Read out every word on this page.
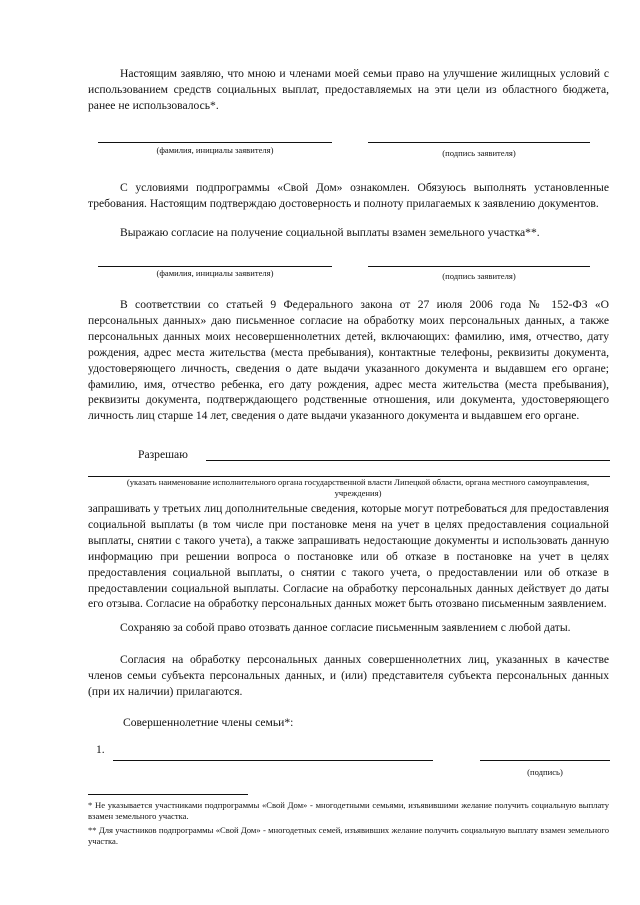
Настоящим заявляю, что мною и членами моей семьи право на улучшение жилищных условий с использованием средств социальных выплат, предоставляемых на эти цели из областного бюджета, ранее не использовалось*.
(фамилия, инициалы заявителя)	(подпись заявителя)
С условиями подпрограммы «Свой Дом» ознакомлен. Обязуюсь выполнять установленные требования. Настоящим подтверждаю достоверность и полноту прилагаемых к заявлению документов.
Выражаю согласие на получение социальной выплаты взамен земельного участка**.
(фамилия, инициалы заявителя)	(подпись заявителя)
В соответствии со статьей 9 Федерального закона от 27 июля 2006 года № 152-ФЗ «О персональных данных» даю письменное согласие на обработку моих персональных данных, а также персональных данных моих несовершеннолетних детей, включающих: фамилию, имя, отчество, дату рождения, адрес места жительства (места пребывания), контактные телефоны, реквизиты документа, удостоверяющего личность, сведения о дате выдачи указанного документа и выдавшем его органе; фамилию, имя, отчество ребенка, его дату рождения, адрес места жительства (места пребывания), реквизиты документа, подтверждающего родственные отношения, или документа, удостоверяющего личность лиц старше 14 лет, сведения о дате выдачи указанного документа и выдавшем его органе.
Разрешаю
(указать наименование исполнительного органа государственной власти Липецкой области, органа местного самоуправления, учреждения)
запрашивать у третьих лиц дополнительные сведения, которые могут потребоваться для предоставления социальной выплаты (в том числе при постановке меня на учет в целях предоставления социальной выплаты, снятии с такого учета), а также запрашивать недостающие документы и использовать данную информацию при решении вопроса о постановке или об отказе в постановке на учет в целях предоставления социальной выплаты, о снятии с такого учета, о предоставлении или об отказе в предоставлении социальной выплаты. Согласие на обработку персональных данных действует до даты его отзыва. Согласие на обработку персональных данных может быть отозвано письменным заявлением.
Сохраняю за собой право отозвать данное согласие письменным заявлением с любой даты.
Согласия на обработку персональных данных совершеннолетних лиц, указанных в качестве членов семьи субъекта персональных данных, и (или) представителя субъекта персональных данных (при их наличии) прилагаются.
Совершеннолетние члены семьи*:
1.
(подпись)
* Не указывается участниками подпрограммы «Свой Дом» - многодетными семьями, изъявившими желание получить социальную выплату взамен земельного участка.
** Для участников подпрограммы «Свой Дом» - многодетных семей, изъявивших желание получить социальную выплату взамен земельного участка.
